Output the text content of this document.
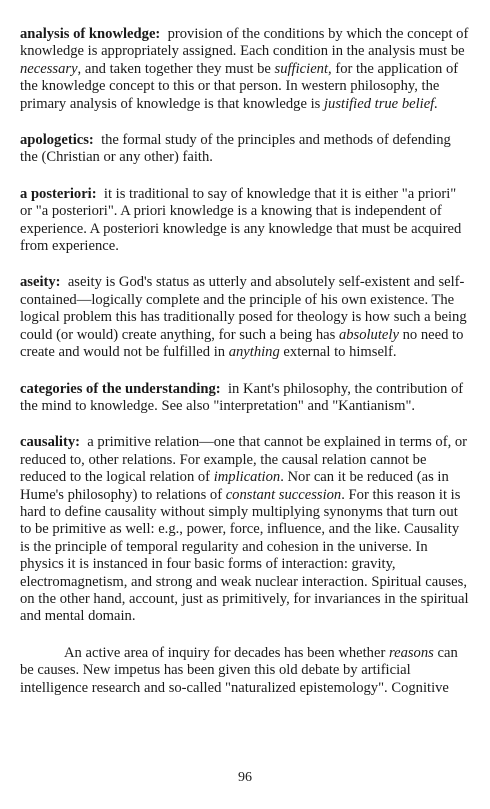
analysis of knowledge: provision of the conditions by which the concept of knowledge is appropriately assigned. Each condition in the analysis must be necessary, and taken together they must be sufficient, for the application of the knowledge concept to this or that person. In western philosophy, the primary analysis of knowledge is that knowledge is justified true belief.

apologetics: the formal study of the principles and methods of defending the (Christian or any other) faith.

a posteriori: it is traditional to say of knowledge that it is either "a priori" or "a posteriori". A priori knowledge is a knowing that is independent of experience. A posteriori knowledge is any knowledge that must be acquired from experience.

aseity: aseity is God's status as utterly and absolutely self-existent and self-contained—logically complete and the principle of his own existence. The logical problem this has traditionally posed for theology is how such a being could (or would) create anything, for such a being has absolutely no need to create and would not be fulfilled in anything external to himself.

categories of the understanding: in Kant's philosophy, the contribution of the mind to knowledge. See also "interpretation" and "Kantianism".

causality: a primitive relation—one that cannot be explained in terms of, or reduced to, other relations. For example, the causal relation cannot be reduced to the logical relation of implication. Nor can it be reduced (as in Hume's philosophy) to relations of constant succession. For this reason it is hard to define causality without simply multiplying synonyms that turn out to be primitive as well: e.g., power, force, influence, and the like. Causality is the principle of temporal regularity and cohesion in the universe. In physics it is instanced in four basic forms of interaction: gravity, electromagnetism, and strong and weak nuclear interaction. Spiritual causes, on the other hand, account, just as primitively, for invariances in the spiritual and mental domain.

An active area of inquiry for decades has been whether reasons can be causes. New impetus has been given this old debate by artificial intelligence research and so-called "naturalized epistemology". Cognitive

96
